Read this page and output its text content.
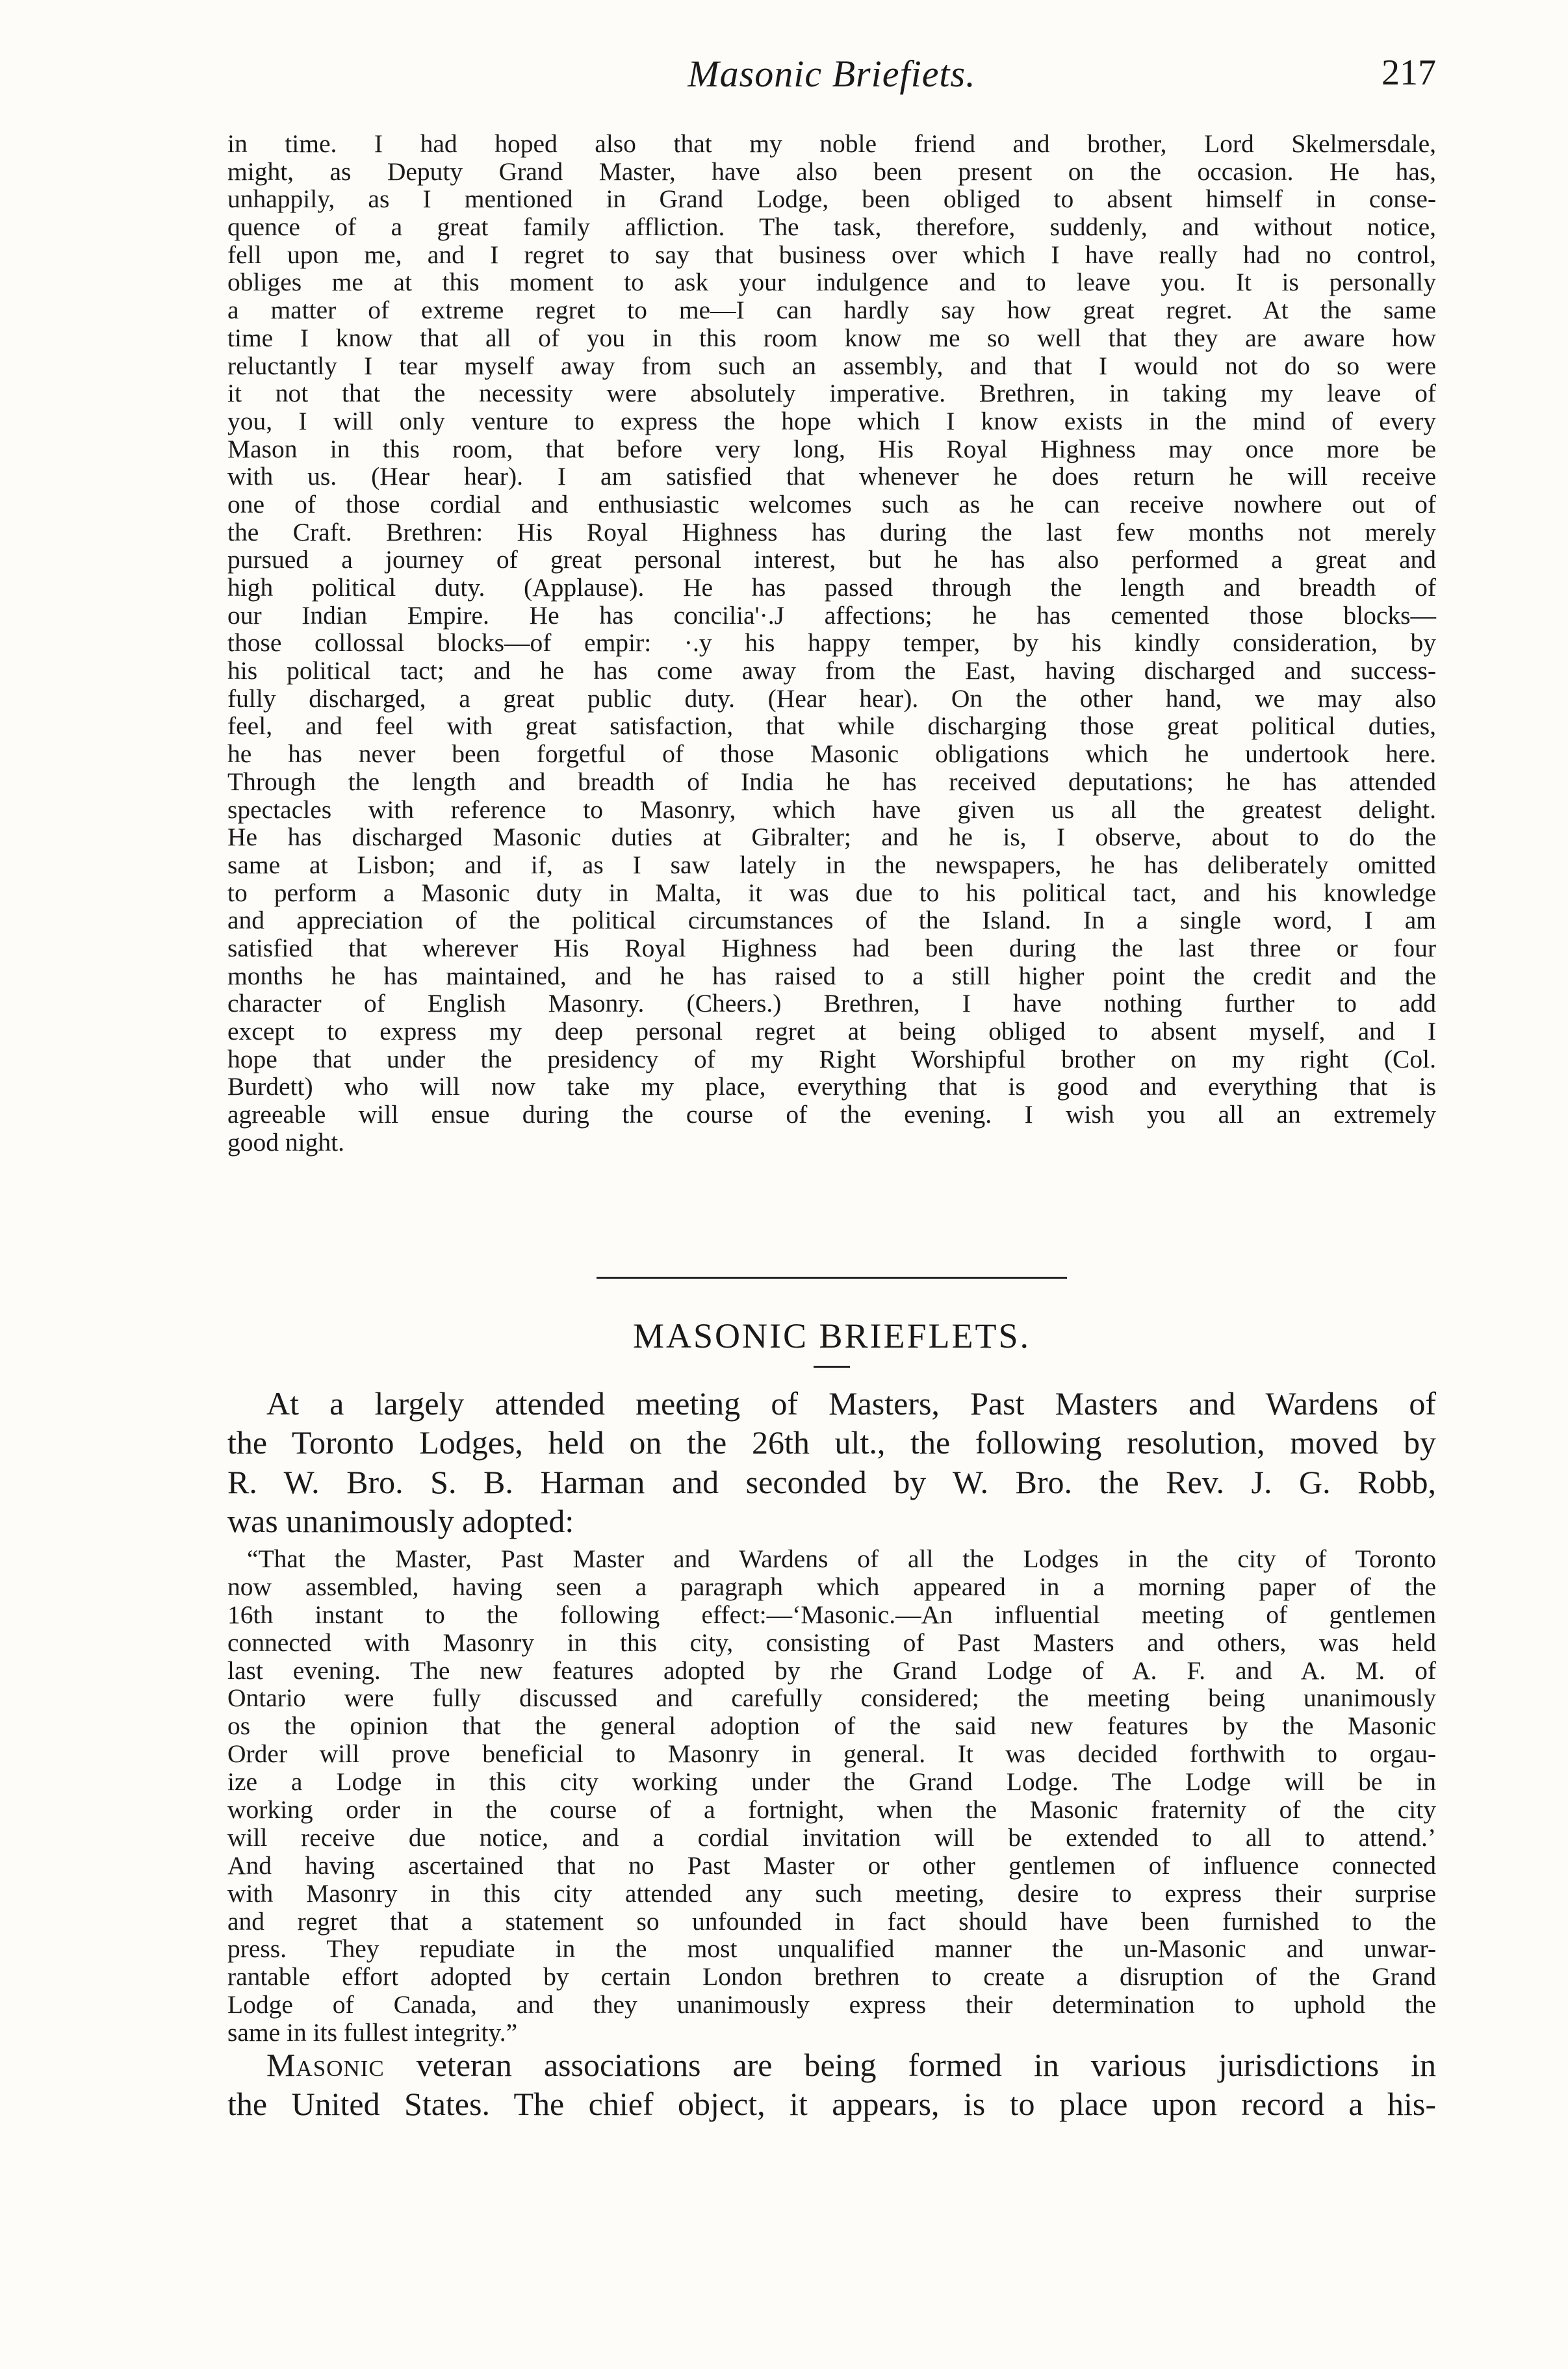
Masonic Briefiets.	217
in time. I had hoped also that my noble friend and brother, Lord Skelmersdale,
might, as Deputy Grand Master, have also been present on the occasion. He has,
unhappily, as I mentioned in Grand Lodge, been obliged to absent himself in conse-
quence of a great family affliction. The task, therefore, suddenly, and without notice,
fell upon me, and I regret to say that business over which I have really had no control,
obliges me at this moment to ask your indulgence and to leave you. It is personally
a matter of extreme regret to me—I can hardly say how great regret. At the same
time I know that all of you in this room know me so well that they are aware how
reluctantly I tear myself away from such an assembly, and that I would not do so were
it not that the necessity were absolutely imperative. Brethren, in taking my leave of
you, I will only venture to express the hope which I know exists in the mind of every
Mason in this room, that before very long, His Royal Highness may once more be
with us. (Hear hear). I am satisfied that whenever he does return he will receive
one of those cordial and enthusiastic welcomes such as he can receive nowhere out of
the Craft. Brethren: His Royal Highness has during the last few months not merely
pursued a journey of great personal interest, but he has also performed a great and
high political duty. (Applause). He has passed through the length and breadth of
our Indian Empire. He has concilia'·.J affections; he has cemented those blocks—
those collossal blocks—of empir: ·.y his happy temper, by his kindly consideration, by
his political tact; and he has come away from the East, having discharged and success-
fully discharged, a great public duty. (Hear hear). On the other hand, we may also
feel, and feel with great satisfaction, that while discharging those great political duties,
he has never been forgetful of those Masonic obligations which he undertook here.
Through the length and breadth of India he has received deputations; he has attended
spectacles with reference to Masonry, which have given us all the greatest delight.
He has discharged Masonic duties at Gibralter; and he is, I observe, about to do the
same at Lisbon; and if, as I saw lately in the newspapers, he has deliberately omitted
to perform a Masonic duty in Malta, it was due to his political tact, and his knowledge
and appreciation of the political circumstances of the Island. In a single word, I am
satisfied that wherever His Royal Highness had been during the last three or four
months he has maintained, and he has raised to a still higher point the credit and the
character of English Masonry. (Cheers.) Brethren, I have nothing further to add
except to express my deep personal regret at being obliged to absent myself, and I
hope that under the presidency of my Right Worshipful brother on my right (Col.
Burdett) who will now take my place, everything that is good and everything that is
agreeable will ensue during the course of the evening. I wish you all an extremely
good night.
MASONIC BRIEFLETS.
At a largely attended meeting of Masters, Past Masters and Wardens of
the Toronto Lodges, held on the 26th ult., the following resolution, moved by
R. W. Bro. S. B. Harman and seconded by W. Bro. the Rev. J. G. Robb,
was unanimously adopted:
“That the Master, Past Master and Wardens of all the Lodges in the city of Toronto
now assembled, having seen a paragraph which appeared in a morning paper of the
16th instant to the following effect:—‘Masonic.—An influential meeting of gentlemen
connected with Masonry in this city, consisting of Past Masters and others, was held
last evening. The new features adopted by rhe Grand Lodge of A. F. and A. M. of
Ontario were fully discussed and carefully considered; the meeting being unanimously
os the opinion that the general adoption of the said new features by the Masonic
Order will prove beneficial to Masonry in general. It was decided forthwith to orgau-
ize a Lodge in this city working under the Grand Lodge. The Lodge will be in
working order in the course of a fortnight, when the Masonic fraternity of the city
will receive due notice, and a cordial invitation will be extended to all to attend.’
And having ascertained that no Past Master or other gentlemen of influence connected
with Masonry in this city attended any such meeting, desire to express their surprise
and regret that a statement so unfounded in fact should have been furnished to the
press. They repudiate in the most unqualified manner the un-Masonic and unwar-
rantable effort adopted by certain London brethren to create a disruption of the Grand
Lodge of Canada, and they unanimously express their determination to uphold the
same in its fullest integrity.”
Masonic veteran associations are being formed in various jurisdictions in
the United States. The chief object, it appears, is to place upon record a his-
